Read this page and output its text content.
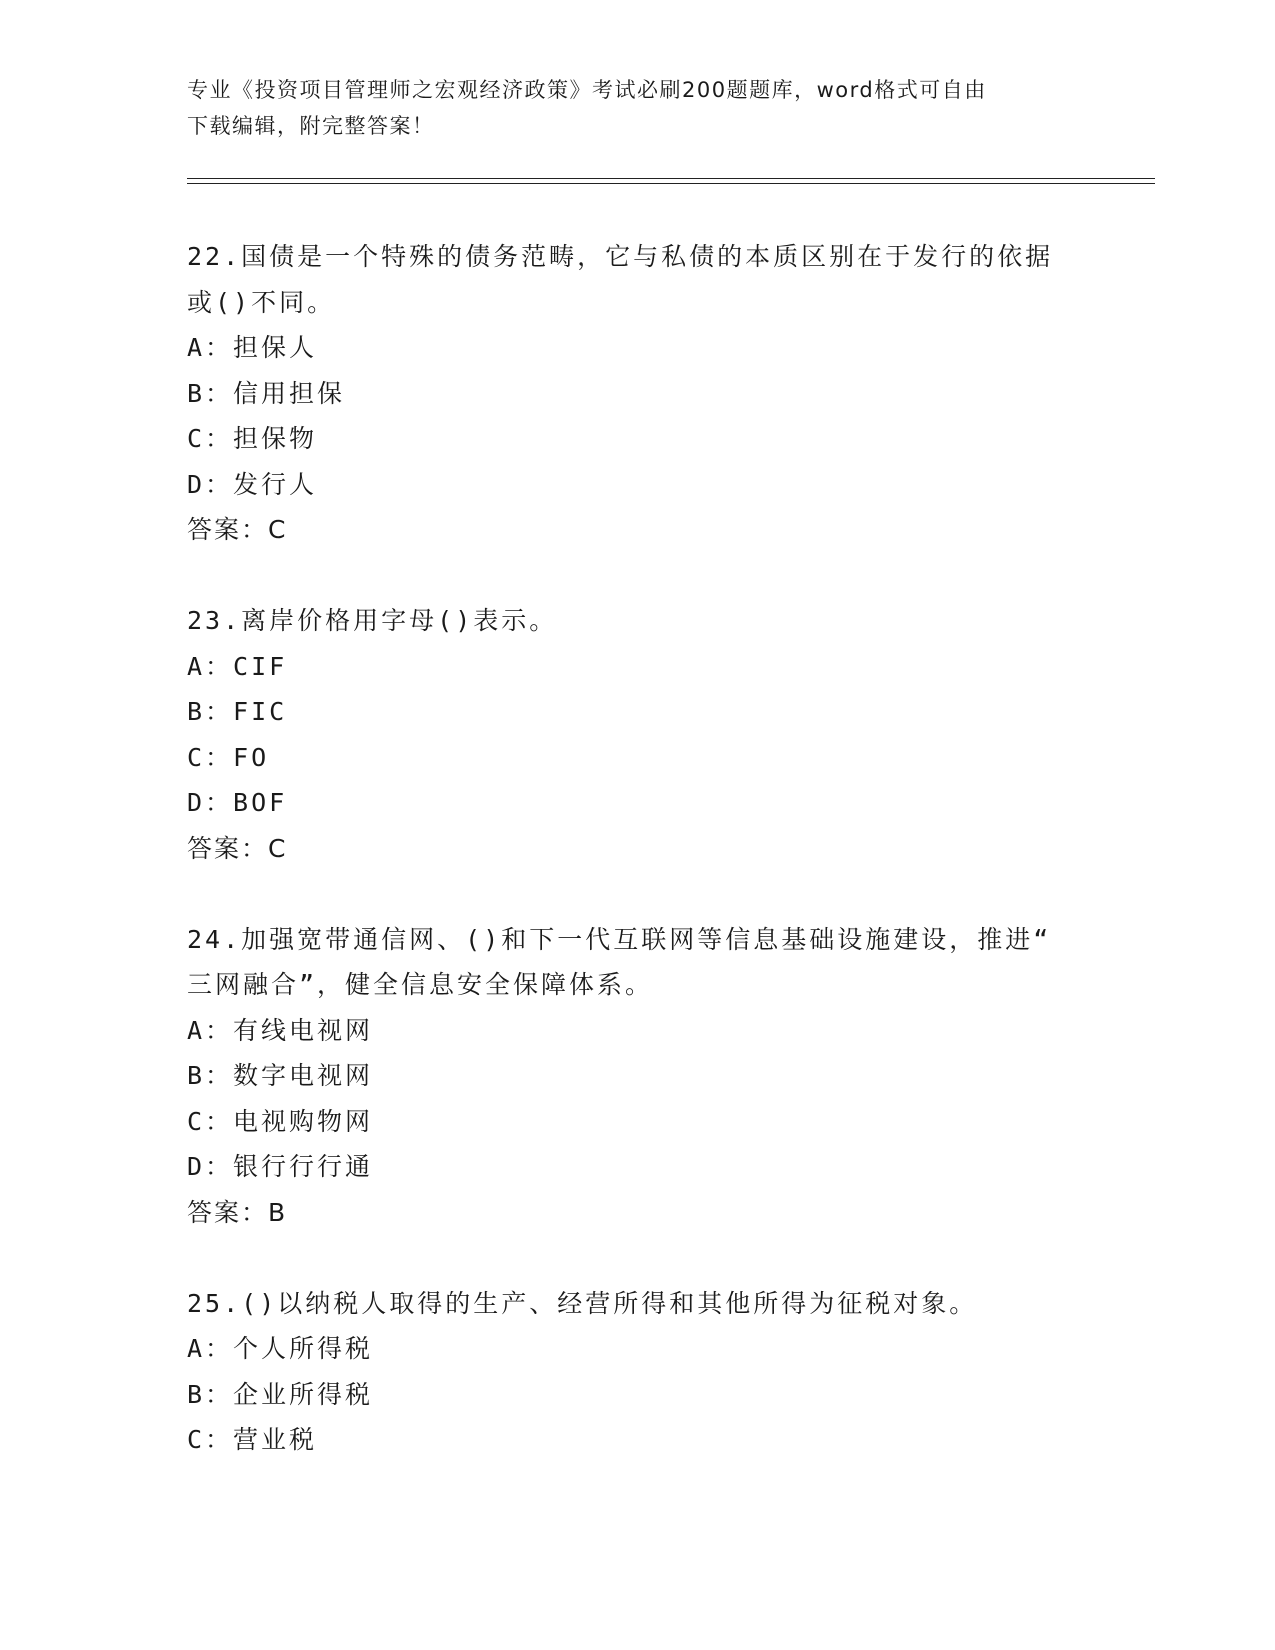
专业《投资项目管理师之宏观经济政策》考试必刷200题题库，word格式可自由
下载编辑，附完整答案！
22.国债是一个特殊的债务范畴，它与私债的本质区别在于发行的依据
或()不同。
A：担保人
B：信用担保
C：担保物
D：发行人
答案：C
23.离岸价格用字母()表示。
A：CIF
B：FIC
C：FO
D：BOF
答案：C
24.加强宽带通信网、()和下一代互联网等信息基础设施建设，推进“
三网融合”，健全信息安全保障体系。
A：有线电视网
B：数字电视网
C：电视购物网
D：银行行行通
答案：B
25.()以纳税人取得的生产、经营所得和其他所得为征税对象。
A：个人所得税
B：企业所得税
C：营业税
